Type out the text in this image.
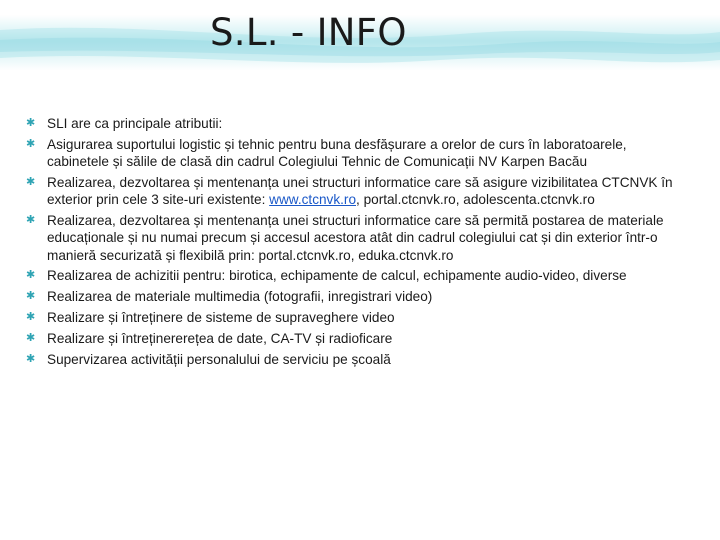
S.L. - INFO
✱ SLI are ca principale atributii:
✱ Asigurarea suportului logistic și tehnic pentru buna desfășurare a orelor de curs în laboratoarele, cabinetele și sălile de clasă din cadrul Colegiului Tehnic de Comunicații NV Karpen Bacău
✱ Realizarea, dezvoltarea și mentenanța unei structuri informatice care să asigure vizibilitatea CTCNVK în exterior prin cele 3 site-uri existente: www.ctcnvk.ro, portal.ctcnvk.ro, adolescenta.ctcnvk.ro
✱ Realizarea, dezvoltarea și mentenanța unei structuri informatice care să permită postarea de materiale educaționale și nu numai precum și accesul acestora atât din cadrul colegiului cat și din exterior într-o manieră securizată și flexibilă prin: portal.ctcnvk.ro, eduka.ctcnvk.ro
✱ Realizarea de achizitii pentru: birotica, echipamente de calcul, echipamente audio-video, diverse
✱ Realizarea de materiale multimedia (fotografii, inregistrari video)
✱ Realizare și întreținere de sisteme de supraveghere video
✱ Realizare și întreținererețea de date, CA-TV și radioficare
✱ Supervizarea activității personalului de serviciu pe școală
